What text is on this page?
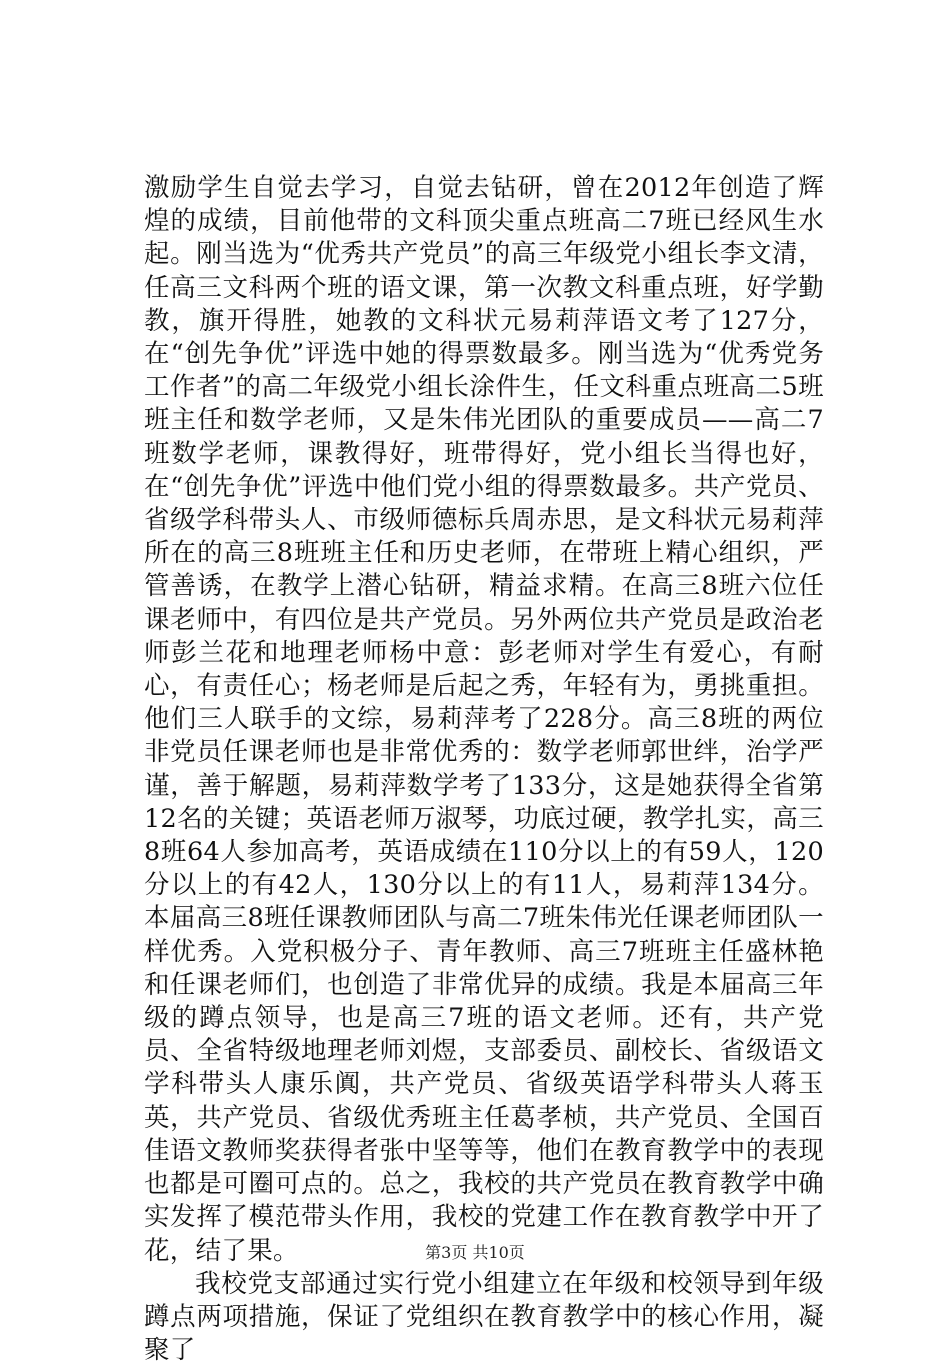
激励学生自觉去学习，自觉去钻研，曾在2012年创造了辉煌的成绩，目前他带的文科顶尖重点班高二7班已经风生水起。刚当选为“优秀共产党员”的高三年级党小组长李文清，任高三文科两个班的语文课，第一次教文科重点班，好学勤教，旗开得胜，她教的文科状元易莉萍语文考了127分，在“创先争优”评选中她的得票数最多。刚当选为“优秀党务工作者”的高二年级党小组长涂件生，任文科重点班高二5班班主任和数学老师，又是朱伟光团队的重要成员——高二7班数学老师，课教得好，班带得好，党小组长当得也好，在“创先争优”评选中他们党小组的得票数最多。共产党员、省级学科带头人、市级师德标兵周赤思，是文科状元易莉萍所在的高三8班班主任和历史老师，在带班上精心组织，严管善诱，在教学上潜心钻研，精益求精。在高三8班六位任课老师中，有四位是共产党员。另外两位共产党员是政治老师彭兰花和地理老师杨中意：彭老师对学生有爱心，有耐心，有责任心；杨老师是后起之秀，年轻有为，勇挑重担。他们三人联手的文综，易莉萍考了228分。高三8班的两位非党员任课老师也是非常优秀的：数学老师郭世绊，治学严谨，善于解题，易莉萍数学考了133分，这是她获得全省第12名的关键；英语老师万淑琴，功底过硬，教学扎实，高三8班64人参加高考，英语成绩在110分以上的有59人，120分以上的有42人，130分以上的有11人，易莉萍134分。本届高三8班任课教师团队与高二7班朱伟光任课老师团队一样优秀。入党积极分子、青年教师、高三7班班主任盛林艳和任课老师们，也创造了非常优异的成绩。我是本届高三年级的蹲点领导，也是高三7班的语文老师。还有，共产党员、全省特级地理老师刘煜，支部委员、副校长、省级语文学科带头人康乐阗，共产党员、省级英语学科带头人蒋玉英，共产党员、省级优秀班主任葛孝桢，共产党员、全国百佳语文教师奖获得者张中坚等等，他们在教育教学中的表现也都是可圈可点的。总之，我校的共产党员在教育教学中确实发挥了模范带头作用，我校的党建工作在教育教学中开了花，结了果。

我校党支部通过实行党小组建立在年级和校领导到年级蹲点两项措施，保证了党组织在教育教学中的核心作用，凝聚了

第3页 共10页
